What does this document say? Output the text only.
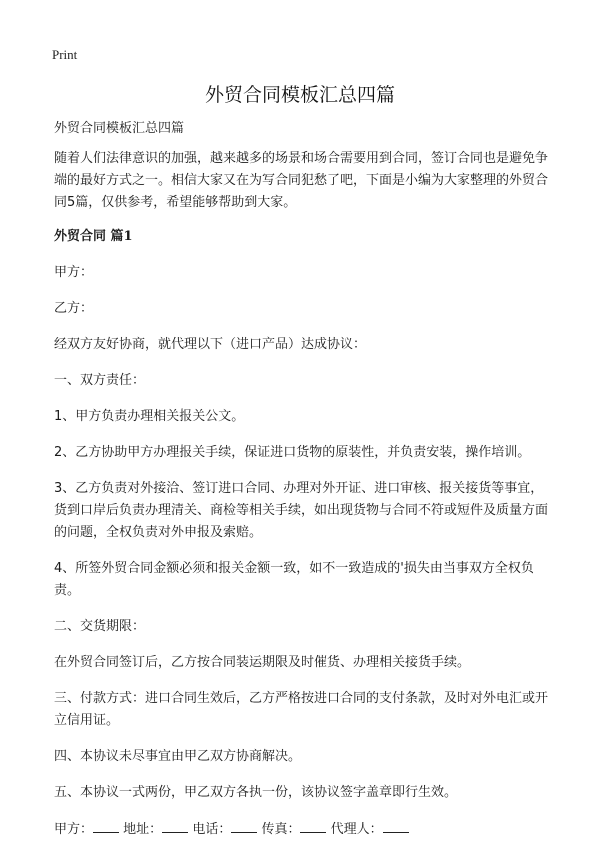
Print
外贸合同模板汇总四篇

外贸合同模板汇总四篇

随着人们法律意识的加强，越来越多的场景和场合需要用到合同，签订合同也是避免争端的最好方式之一。相信大家又在为写合同犯愁了吧，下面是小编为大家整理的外贸合同5篇，仅供参考，希望能够帮助到大家。

外贸合同 篇1

甲方：

乙方：

经双方友好协商，就代理以下（进口产品）达成协议：

一、双方责任：

1、甲方负责办理相关报关公文。

2、乙方协助甲方办理报关手续，保证进口货物的原装性，并负责安装，操作培训。

3、乙方负责对外接洽、签订进口合同、办理对外开证、进口审核、报关接货等事宜，货到口岸后负责办理清关、商检等相关手续，如出现货物与合同不符或短件及质量方面的问题，全权负责对外申报及索赔。

4、所签外贸合同金额必须和报关金额一致，如不一致造成的'损失由当事双方全权负责。

二、交货期限：

在外贸合同签订后，乙方按合同装运期限及时催货、办理相关接货手续。

三、付款方式：进口合同生效后，乙方严格按进口合同的支付条款，及时对外电汇或开立信用证。

四、本协议未尽事宜由甲乙双方协商解决。

五、本协议一式两份，甲乙双方各执一份，该协议签字盖章即行生效。

甲方： 地址： 电话： 传真： 代理人：
